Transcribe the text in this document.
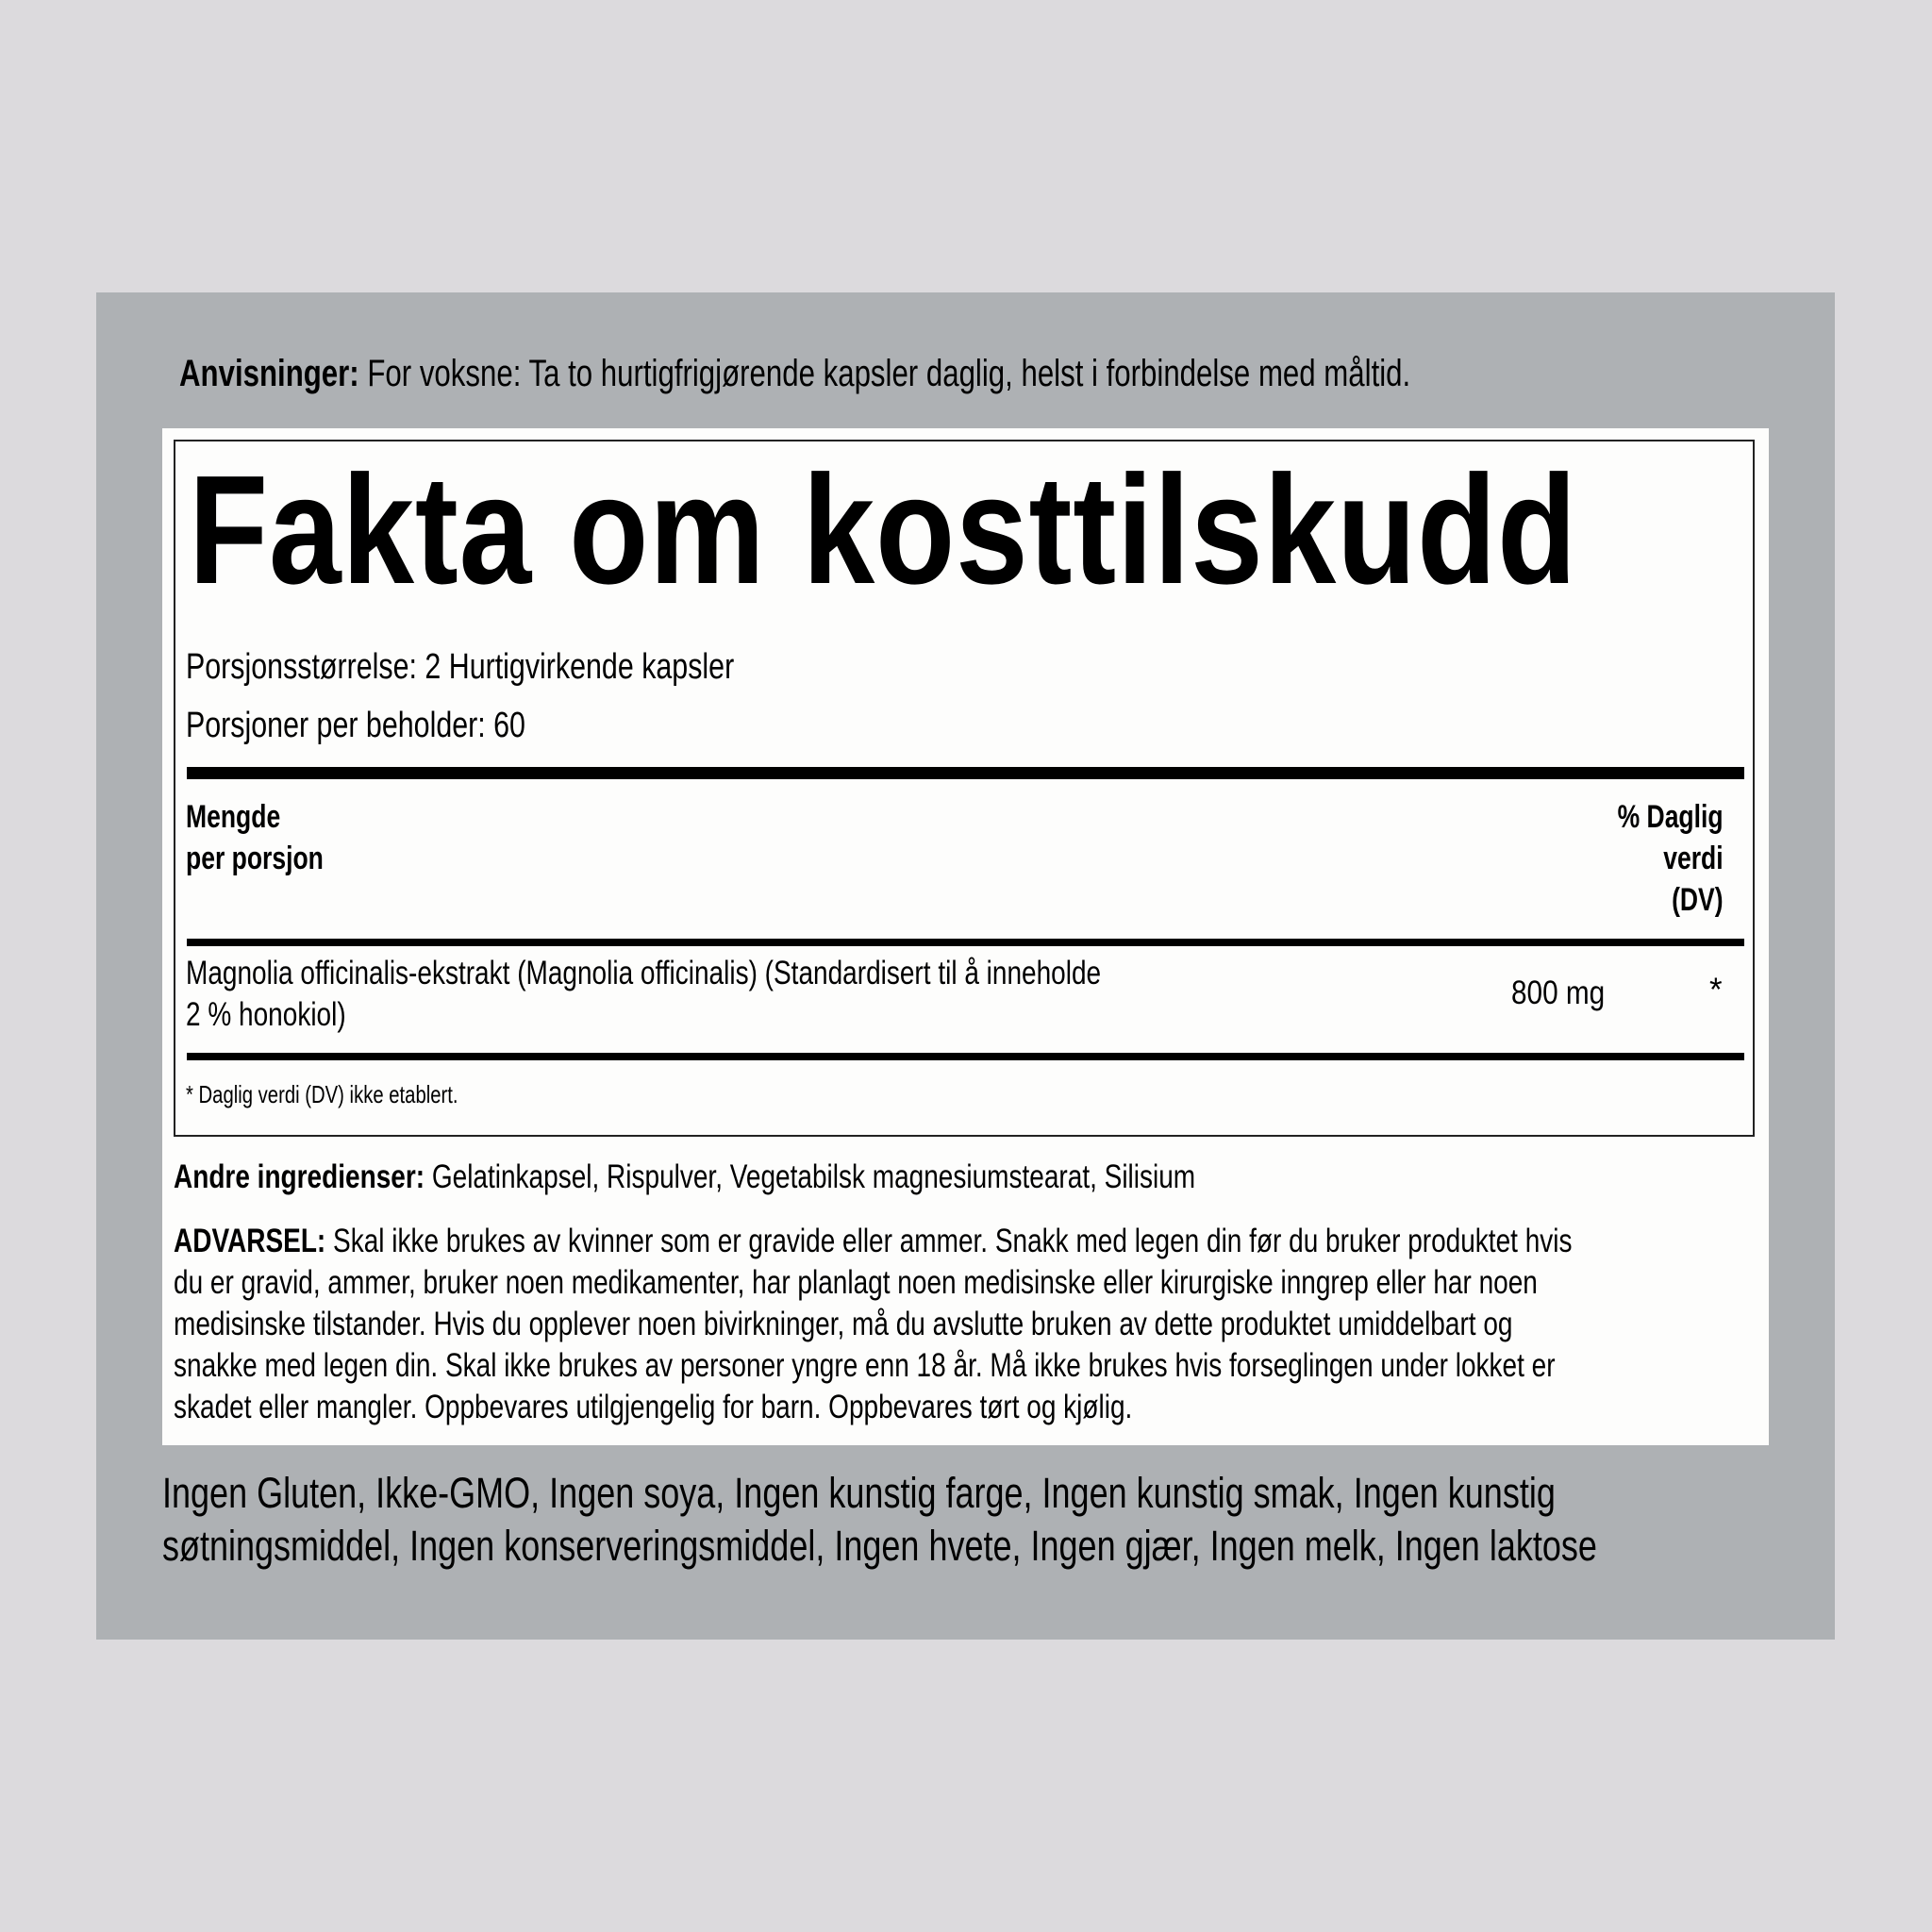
Anvisninger: For voksne: Ta to hurtigfrigjørende kapsler daglig, helst i forbindelse med måltid.
Fakta om kosttilskudd
Porsjonsstørrelse: 2 Hurtigvirkende kapsler
Porsjoner per beholder: 60
Mengde
per porsjon
% Daglig
verdi
(DV)
Magnolia officinalis-ekstrakt (Magnolia officinalis) (Standardisert til å inneholde
2 % honokiol)
800 mg	*
* Daglig verdi (DV) ikke etablert.
Andre ingredienser: Gelatinkapsel, Rispulver, Vegetabilsk magnesiumstearat, Silisium
ADVARSEL: Skal ikke brukes av kvinner som er gravide eller ammer. Snakk med legen din før du bruker produktet hvis
du er gravid, ammer, bruker noen medikamenter, har planlagt noen medisinske eller kirurgiske inngrep eller har noen
medisinske tilstander. Hvis du opplever noen bivirkninger, må du avslutte bruken av dette produktet umiddelbart og
snakke med legen din. Skal ikke brukes av personer yngre enn 18 år. Må ikke brukes hvis forseglingen under lokket er
skadet eller mangler. Oppbevares utilgjengelig for barn. Oppbevares tørt og kjølig.
Ingen Gluten, Ikke-GMO, Ingen soya, Ingen kunstig farge, Ingen kunstig smak, Ingen kunstig
søtningsmiddel, Ingen konserveringsmiddel, Ingen hvete, Ingen gjær, Ingen melk, Ingen laktose
